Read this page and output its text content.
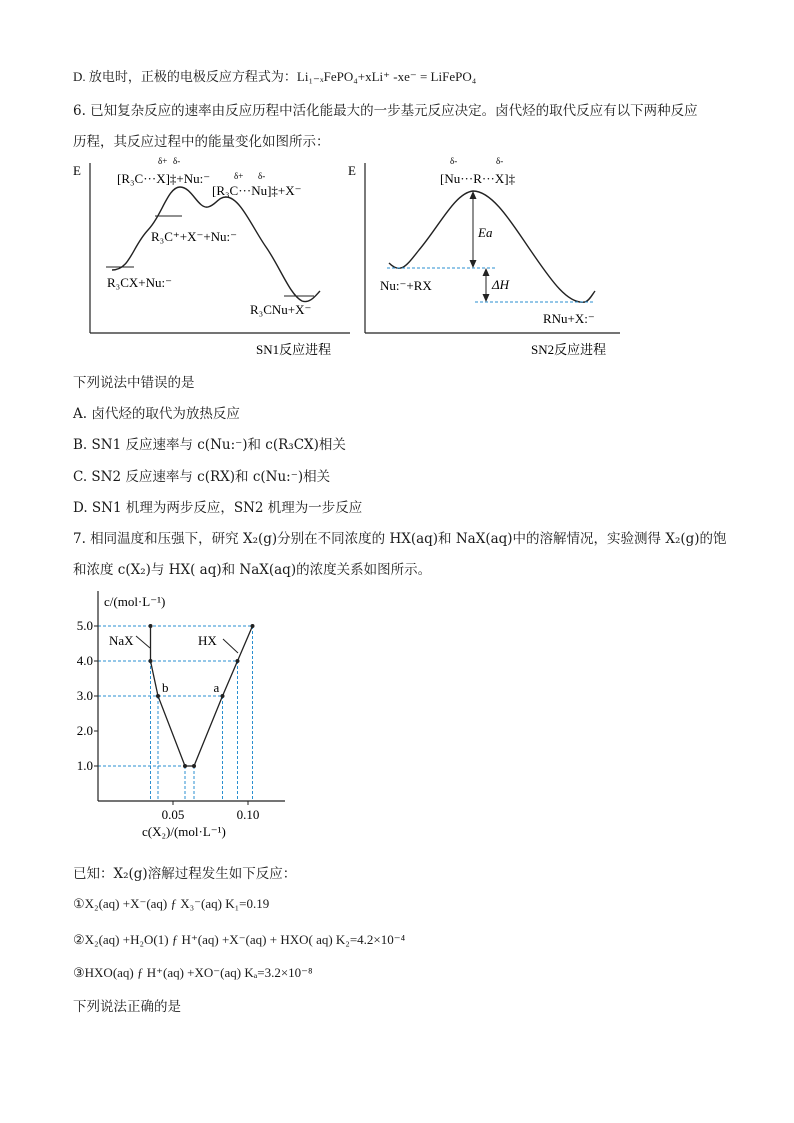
D. 放电时，正极的电极反应方程式为：Li₁₋ₓFePO₄+xLi⁺ -xe⁻ = LiFePO₄
6. 已知复杂反应的速率由反应历程中活化能最大的一步基元反应决定。卤代烃的取代反应有以下两种反应
历程，其反应过程中的能量变化如图所示：
E
δ+ δ-
[R₃C···X]‡+Nu:⁻	δ+ δ-
[R₃C···Nu]‡+X⁻
R₃C⁺+X⁻+Nu:⁻
R₃CX+Nu:⁻
R₃CNu+X⁻
SN1反应进程
E
δ-	δ-
[Nu···R···X]‡
Ea
ΔH
Nu:⁻+RX
RNu+X:⁻
SN2反应进程
下列说法中错误的是
A. 卤代烃的取代为放热反应
B. SN1 反应速率与 c(Nu:⁻)和 c(R₃CX)相关
C. SN2 反应速率与 c(RX)和 c(Nu:⁻)相关
D. SN1 机理为两步反应，SN2 机理为一步反应
7. 相同温度和压强下，研究 X₂(g)分别在不同浓度的 HX(aq)和 NaX(aq)中的溶解情况，实验测得 X₂(g)的饱
和浓度 c(X₂)与 HX( aq)和 NaX(aq)的浓度关系如图所示。
1.0
2.0
3.0
4.0
5.0
0.05	0.10
b	a
NaX	HX
c/(mol·L⁻¹)
c(X₂)/(mol·L⁻¹)
已知：X₂(g)溶解过程发生如下反应：
①X₂(aq) +X⁻(aq) ƒ X₃⁻(aq) K₁=0.19
②X₂(aq) +H₂O(1) ƒ H⁺(aq) +X⁻(aq) + HXO( aq) K₂=4.2×10⁻⁴
③HXO(aq) ƒ H⁺(aq) +XO⁻(aq) Kₐ=3.2×10⁻⁸
下列说法正确的是
